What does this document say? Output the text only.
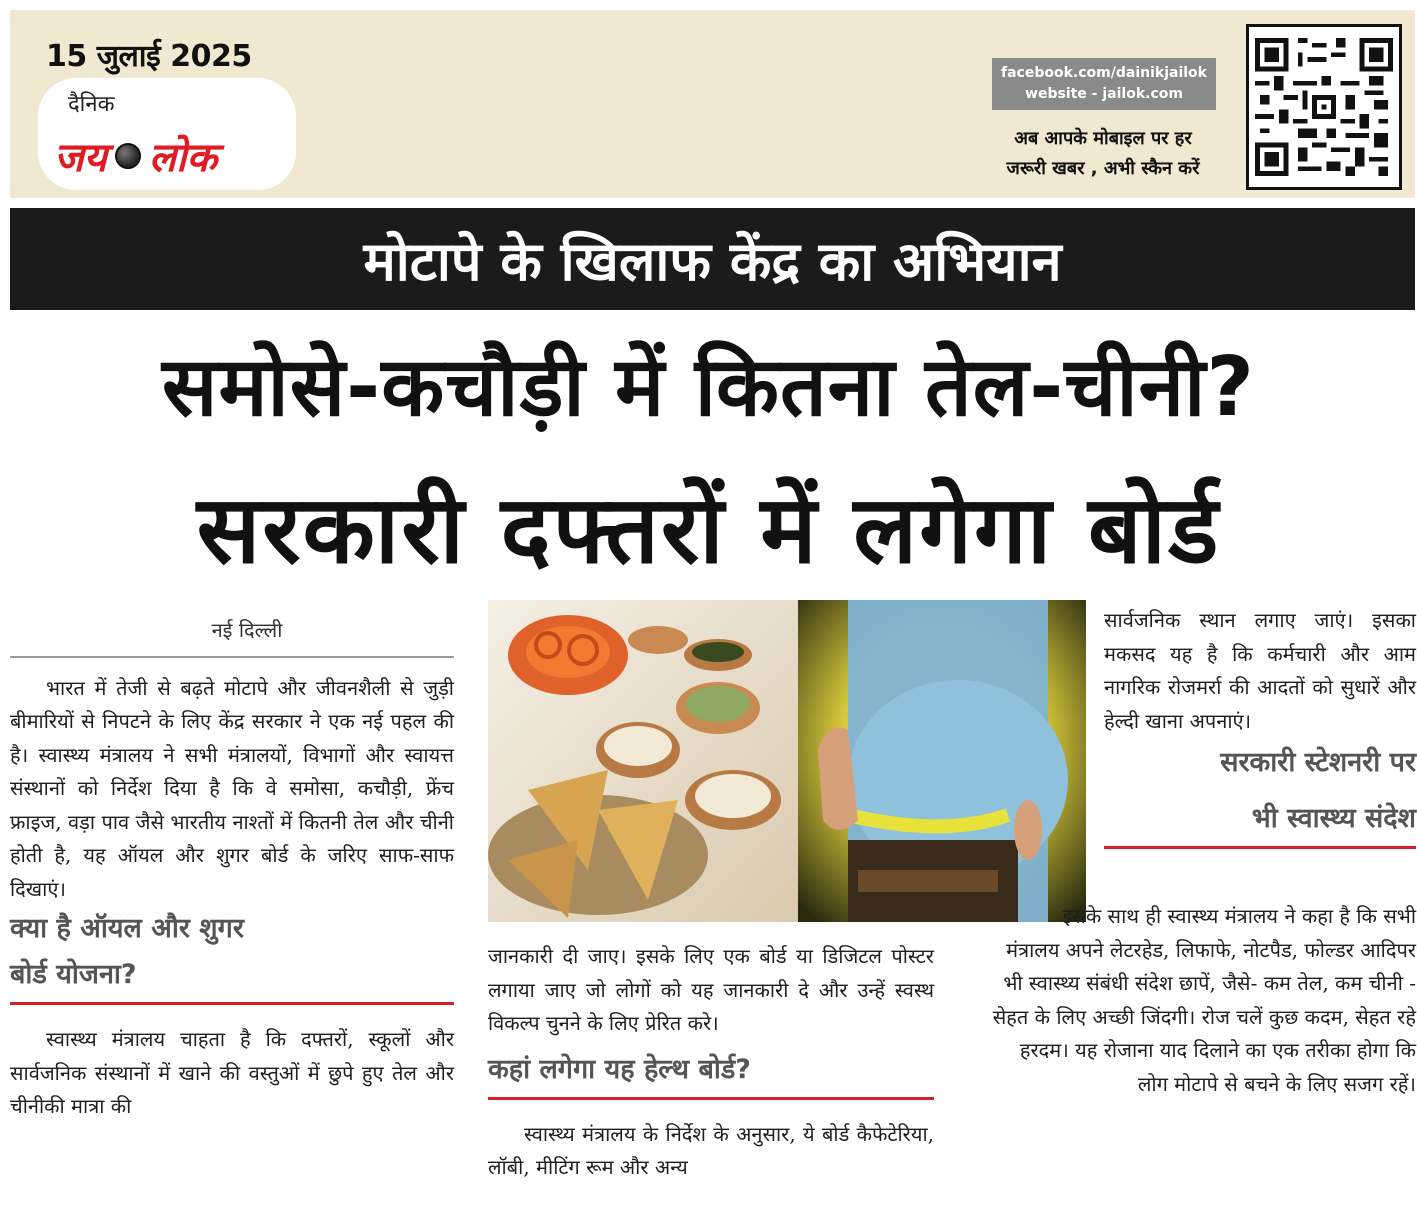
15 जुलाई 2025
दैनिक
जय लोक
facebook.com/dainikjailok
website - jailok.com
अब आपके मोबाइल पर हर
जरूरी खबर , अभी स्कैन करें
मोटापे के खिलाफ केंद्र का अभियान
समोसे-कचौड़ी में कितना तेल-चीनी?
सरकारी दफ्तरों में लगेगा बोर्ड
नई दिल्ली

भारत में तेजी से बढ़ते मोटापे और जीवनशैली से जुड़ी बीमारियों से निपटने के लिए केंद्र सरकार ने एक नई पहल की है। स्वास्थ्य मंत्रालय ने सभी मंत्रालयों, विभागों और स्वायत्त संस्थानों को निर्देश दिया है कि वे समोसा, कचौड़ी, फ्रेंच फ्राइज, वड़ा पाव जैसे भारतीय नाश्तों में कितनी तेल और चीनी होती है, यह ऑयल और शुगर बोर्ड के जरिए साफ-साफ दिखाएं।

क्या है ऑयल और शुगर
बोर्ड योजना?

स्वास्थ्य मंत्रालय चाहता है कि दफ्तरों, स्कूलों और सार्वजनिक संस्थानों में खाने की वस्तुओं में छुपे हुए तेल और चीनीकी मात्रा की

जानकारी दी जाए। इसके लिए एक बोर्ड या डिजिटल पोस्टर लगाया जाए जो लोगों को यह जानकारी दे और उन्हें स्वस्थ विकल्प चुनने के लिए प्रेरित करे।

कहां लगेगा यह हेल्थ बोर्ड?

स्वास्थ्य मंत्रालय के निर्देश के अनुसार, ये बोर्ड कैफेटेरिया, लॉबी, मीटिंग रूम और अन्य

सार्वजनिक स्थान लगाए जाएं। इसका मकसद यह है कि कर्मचारी और आम नागरिक रोजमर्रा की आदतों को सुधारें और हेल्दी खाना अपनाएं।

सरकारी स्टेशनरी पर
भी स्वास्थ्य संदेश

इसके साथ ही स्वास्थ्य मंत्रालय ने कहा है कि सभी मंत्रालय अपने लेटरहेड, लिफाफे, नोटपैड, फोल्डर आदिपर भी स्वास्थ्य संबंधी संदेश छापें, जैसे- कम तेल, कम चीनी - सेहत के लिए अच्छी जिंदगी। रोज चलें कुछ कदम, सेहत रहे हरदम। यह रोजाना याद दिलाने का एक तरीका होगा कि लोग मोटापे से बचने के लिए सजग रहें।
